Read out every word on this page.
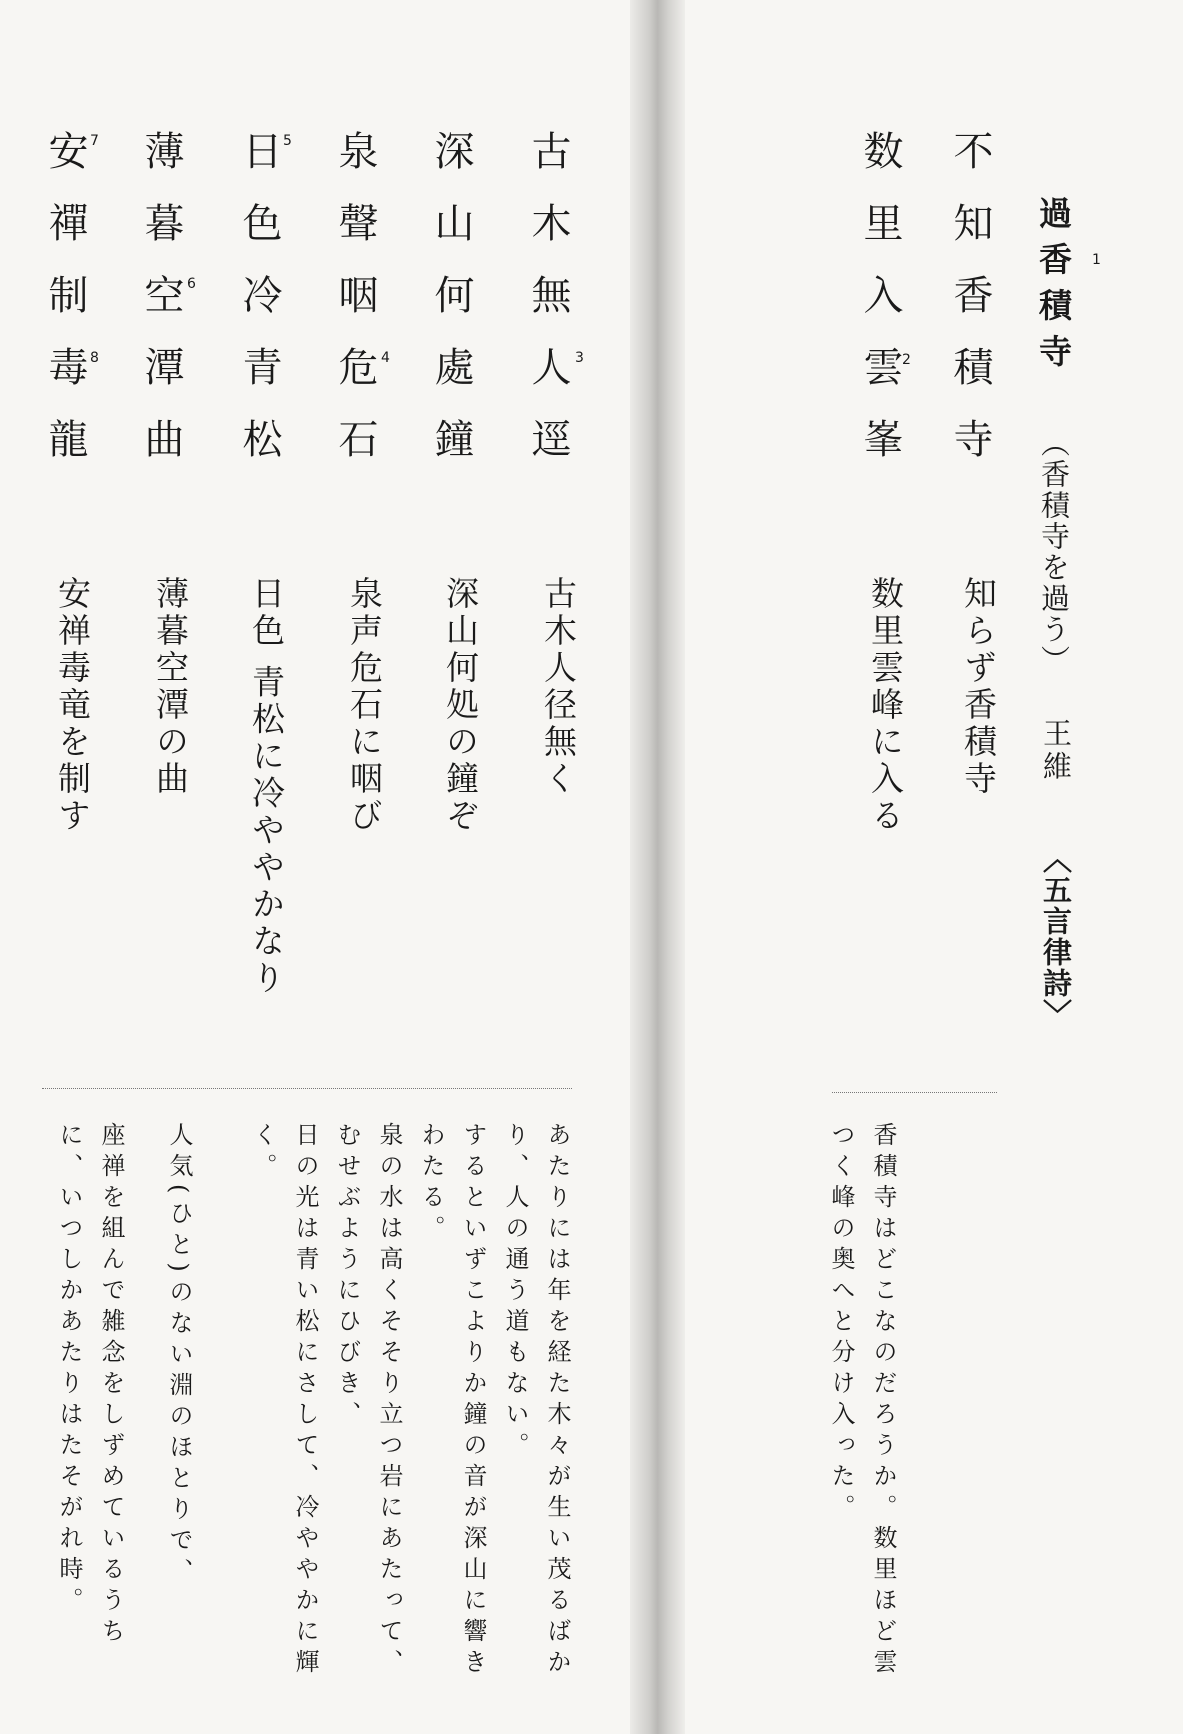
過香積寺
（香積寺を過う）
王維
〈五言律詩〉
不知香積寺
数里入雲峯	1
2
知らず香積寺
数里雲峰に入る
香積寺はどこなのだろうか。数里ほど雲つく峰の奥へと分け入った。
古木無人逕
深山何處鐘
泉聲咽危石
日色冷青松
薄暮空潭曲
安禪制毒龍	3
4
5
6
7
8
古木人径無く
深山何処の鐘ぞ
泉声危石に咽び
日色 青松に冷ややかなり
薄暮空潭の曲
安禅毒竜を制す
あたりには年を経た木々が生い茂るばかり、人の通う道もない。
するといずこよりか鐘の音が深山に響きわたる。
泉の水は高くそそり立つ岩にあたって、むせぶようにひびき、
日の光は青い松にさして、冷ややかに輝く。
人気(ひと)のない淵のほとりで、
座禅を組んで雑念をしずめているうちに、いつしかあたりはたそがれ時。
